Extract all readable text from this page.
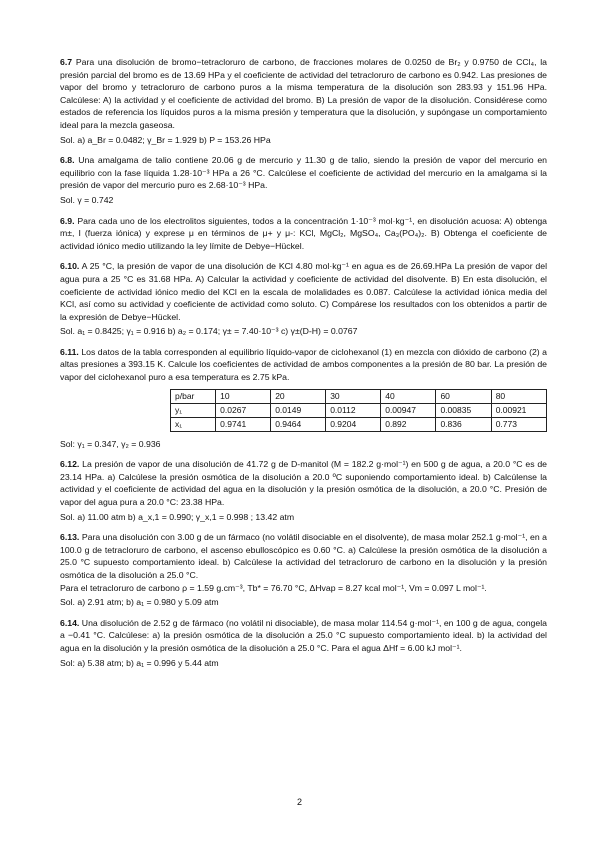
6.7 Para una disolución de bromo−tetracloruro de carbono, de fracciones molares de 0.0250 de Br₂ y 0.9750 de CCl₄, la presión parcial del bromo es de 13.69 HPa y el coeficiente de actividad del tetracloruro de carbono es 0.942. Las presiones de vapor del bromo y tetracloruro de carbono puros a la misma temperatura de la disolución son 283.93 y 151.96 HPa. Calcúlese: A) la actividad y el coeficiente de actividad del bromo. B) La presión de vapor de la disolución. Considérese como estados de referencia los líquidos puros a la misma presión y temperatura que la disolución, y supóngase un comportamiento ideal para la mezcla gaseosa.

Sol. a) a_Br = 0.0482; γ_Br = 1.929 b) P = 153.26 HPa

6.8. Una amalgama de talio contiene 20.06 g de mercurio y 11.30 g de talio, siendo la presión de vapor del mercurio en equilibrio con la fase líquida 1.28·10⁻³ HPa a 26 °C. Calcúlese el coeficiente de actividad del mercurio en la amalgama si la presión de vapor del mercurio puro es 2.68·10⁻³ HPa.

Sol. γ = 0.742

6.9. Para cada uno de los electrolitos siguientes, todos a la concentración 1·10⁻³ mol·kg⁻¹, en disolución acuosa: A) obtenga m±, I (fuerza iónica) y exprese μ en términos de μ+ y μ-: KCl, MgCl₂, MgSO₄, Ca₃(PO₄)₂. B) Obtenga el coeficiente de actividad iónico medio utilizando la ley límite de Debye−Hückel.

6.10. A 25 °C, la presión de vapor de una disolución de KCl 4.80 mol·kg⁻¹ en agua es de 26.69.HPa La presión de vapor del agua pura a 25 °C es 31.68 HPa. A) Calcular la actividad y coeficiente de actividad del disolvente. B) En esta disolución, el coeficiente de actividad iónico medio del KCl en la escala de molalidades es 0.087. Calcúlese la actividad iónica media del KCl, así como su actividad y coeficiente de actividad como soluto. C) Compárese los resultados con los obtenidos a partir de la expresión de Debye−Hückel.

Sol. a₁ = 0.8425; γ₁ = 0.916 b) a₂ = 0.174; γ± = 7.40·10⁻³ c) γ±(D-H) = 0.0767

6.11. Los datos de la tabla corresponden al equilibrio líquido-vapor de ciclohexanol (1) en mezcla con dióxido de carbono (2) a altas presiones a 393.15 K. Calcule los coeficientes de actividad de ambos componentes a la presión de 80 bar. La presión de vapor del ciclohexanol puro a esa temperatura es 2.75 kPa.

p/bar	10	20	30	40	60	80
y₁	0.0267	0.0149	0.0112	0.00947	0.00835	0.00921
x₁	0.9741	0.9464	0.9204	0.892	0.836	0.773

Sol: γ₁ = 0.347, γ₂ = 0.936

6.12. La presión de vapor de una disolución de 41.72 g de D-manitol (M = 182.2 g·mol⁻¹) en 500 g de agua, a 20.0 °C es de 23.14 HPa. a) Calcúlese la presión osmótica de la disolución a 20.0 ºC suponiendo comportamiento ideal. b) Calcúlense la actividad y el coeficiente de actividad del agua en la disolución y la presión osmótica de la disolución, a 20.0 °C. Presión de vapor del agua pura a 20.0 °C: 23.38 HPa.

Sol. a) 11.00 atm b) a_x,1 = 0.990; γ_x,1 = 0.998 ; 13.42 atm

6.13. Para una disolución con 3.00 g de un fármaco (no volátil disociable en el disolvente), de masa molar 252.1 g·mol⁻¹, en a 100.0 g de tetracloruro de carbono, el ascenso ebulloscópico es 0.60 °C. a) Calcúlese la presión osmótica de la disolución a 25.0 °C supuesto comportamiento ideal. b) Calcúlese la actividad del tetracloruro de carbono en la disolución y la presión osmótica de la disolución a 25.0 °C.

Para el tetracloruro de carbono ρ = 1.59 g.cm⁻³, Tb* = 76.70 °C, ΔHvap = 8.27 kcal mol⁻¹, Vm = 0.097 L mol⁻¹.

Sol. a) 2.91 atm; b) a₁ = 0.980 y 5.09 atm

6.14. Una disolución de 2.52 g de fármaco (no volátil ni disociable), de masa molar 114.54 g·mol⁻¹, en 100 g de agua, congela a −0.41 °C. Calcúlese: a) la presión osmótica de la disolución a 25.0 °C supuesto comportamiento ideal. b) la actividad del agua en la disolución y la presión osmótica de la disolución a 25.0 °C. Para el agua ΔHf = 6.00 kJ mol⁻¹.

Sol: a) 5.38 atm; b) a₁ = 0.996 y 5.44 atm

2
